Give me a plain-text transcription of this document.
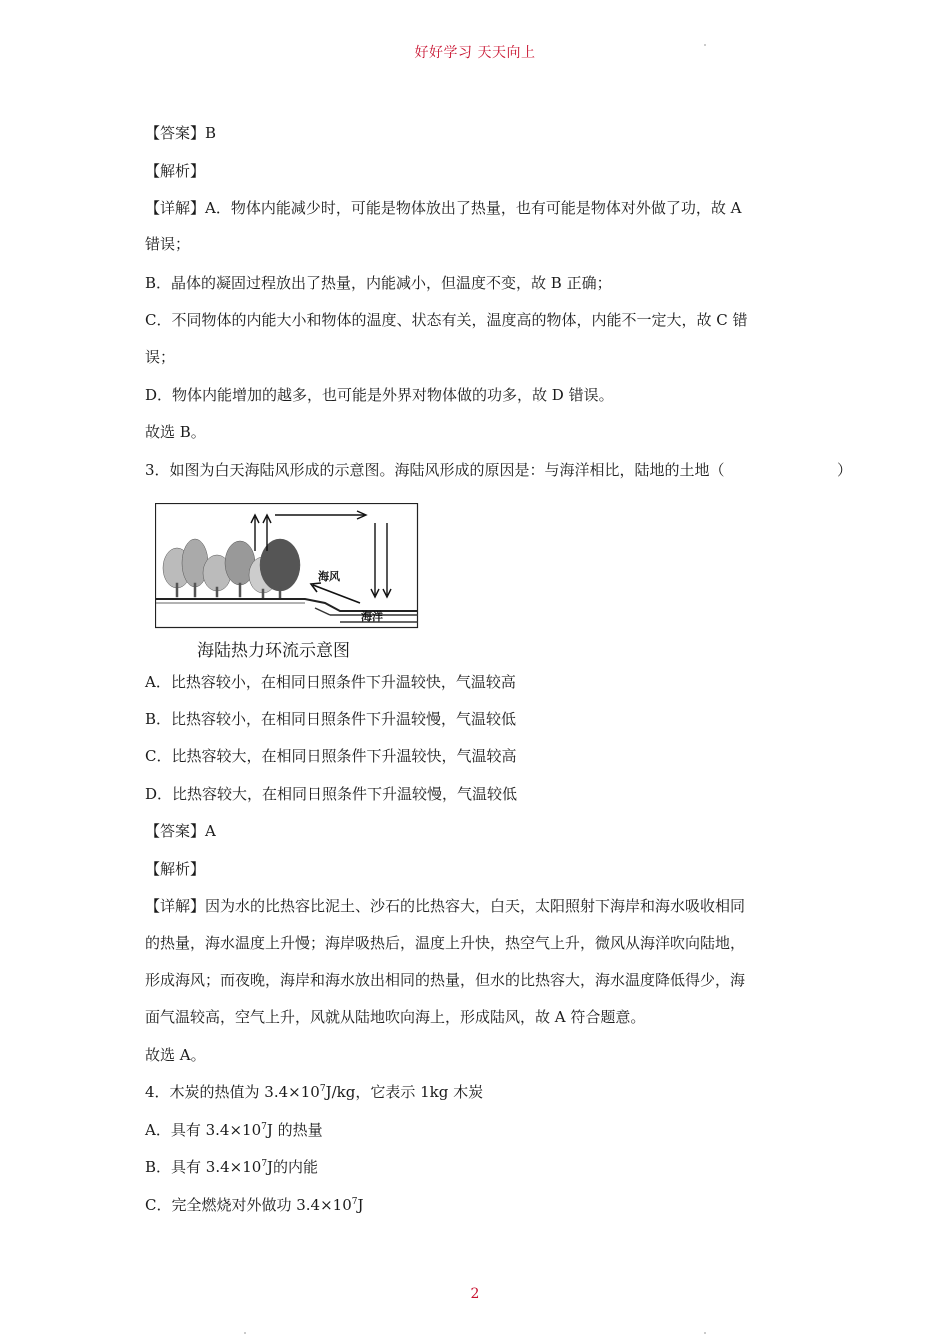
好好学习 天天向上
【答案】B
【解析】
【详解】A．物体内能减少时，可能是物体放出了热量，也有可能是物体对外做了功，故 A
错误；
B．晶体的凝固过程放出了热量，内能减小，但温度不变，故 B 正确；
C．不同物体的内能大小和物体的温度、状态有关，温度高的物体，内能不一定大，故 C 错
误；
D．物体内能增加的越多，也可能是外界对物体做的功多，故 D 错误。
故选 B。
3．如图为白天海陆风形成的示意图。海陆风形成的原因是：与海洋相比，陆地的土地（	）
海风
海洋
海陆热力环流示意图
A．比热容较小，在相同日照条件下升温较快，气温较高
B．比热容较小，在相同日照条件下升温较慢，气温较低
C．比热容较大，在相同日照条件下升温较快，气温较高
D．比热容较大，在相同日照条件下升温较慢，气温较低
【答案】A
【解析】
【详解】因为水的比热容比泥土、沙石的比热容大，白天，太阳照射下海岸和海水吸收相同
的热量，海水温度上升慢；海岸吸热后，温度上升快，热空气上升，微风从海洋吹向陆地，
形成海风；而夜晚，海岸和海水放出相同的热量，但水的比热容大，海水温度降低得少，海
面气温较高，空气上升，风就从陆地吹向海上，形成陆风，故 A 符合题意。
故选 A。
4．木炭的热值为 $3.4\times 10^7J/kg$，它表示 1kg 木炭
A．具有 $3.4\times 10^7J$ 的热量
B．具有 $3.4\times 10^7J$的内能
C．完全燃烧对外做功 $3.4\times 10^7J$
2
